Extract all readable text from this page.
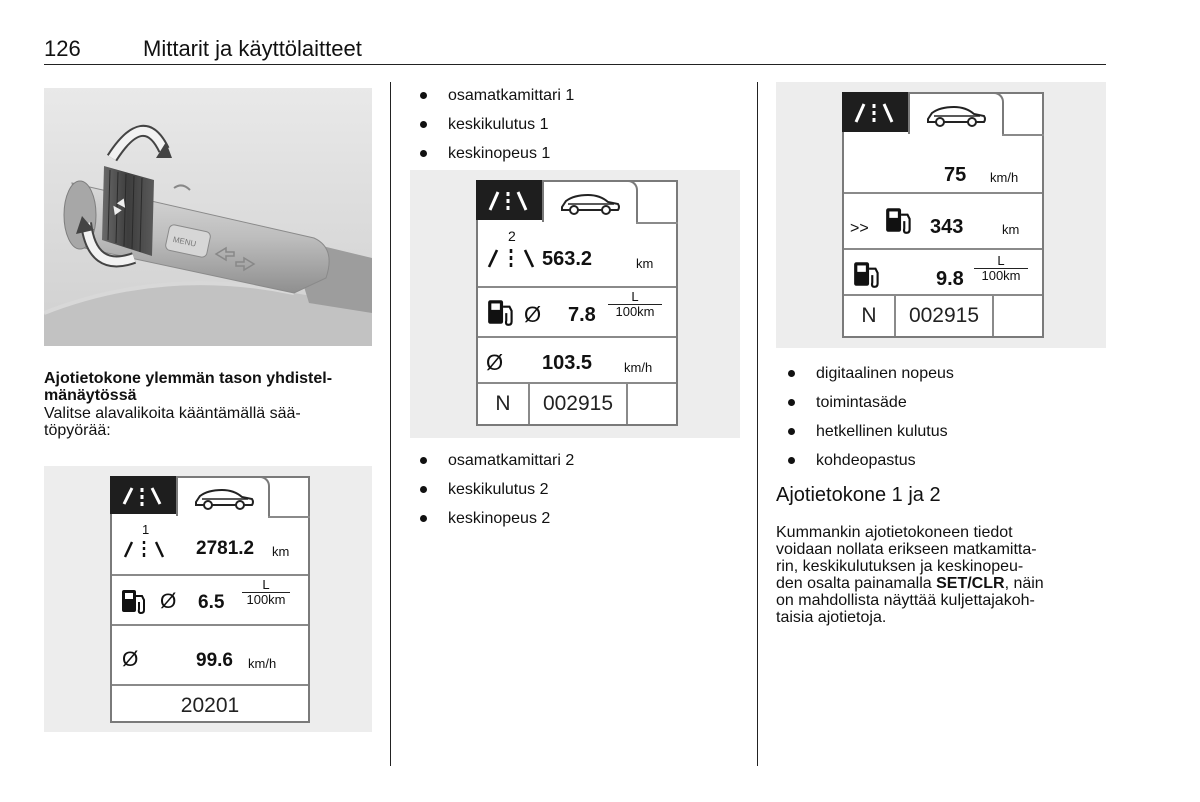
126	Mittarit ja käyttölaitteet
▲▼
MENU
Ajotietokone ylemmän tason yhdistel-
mänäytössä
Valitse alavalikoita kääntämällä sää-
töpyörää:
1
2781.2 km
Ø $6.5 \frac{L}{100km}$
Ø	99.6 km/h
20201
osamatkamittari 1
keskikulutus 1
keskinopeus 1
2
563.2	km
Ø $7.8 \frac{L}{100km}$
Ø 103.5 km/h
N	002915
osamatkamittari 2
keskikulutus 2
keskinopeus 2
75 km/h
>>	343	km
$9.8 \frac{L}{100km}$
N	002915
digitaalinen nopeus
toimintasäde
hetkellinen kulutus
kohdeopastus
Ajotietokone 1 ja 2
Kummankin ajotietokoneen tiedot
voidaan nollata erikseen matkamitta-
rin, keskikulutuksen ja keskinopeu-
den osalta painamalla SET/CLR, näin
on mahdollista näyttää kuljettajakoh-
taisia ajotietoja.
